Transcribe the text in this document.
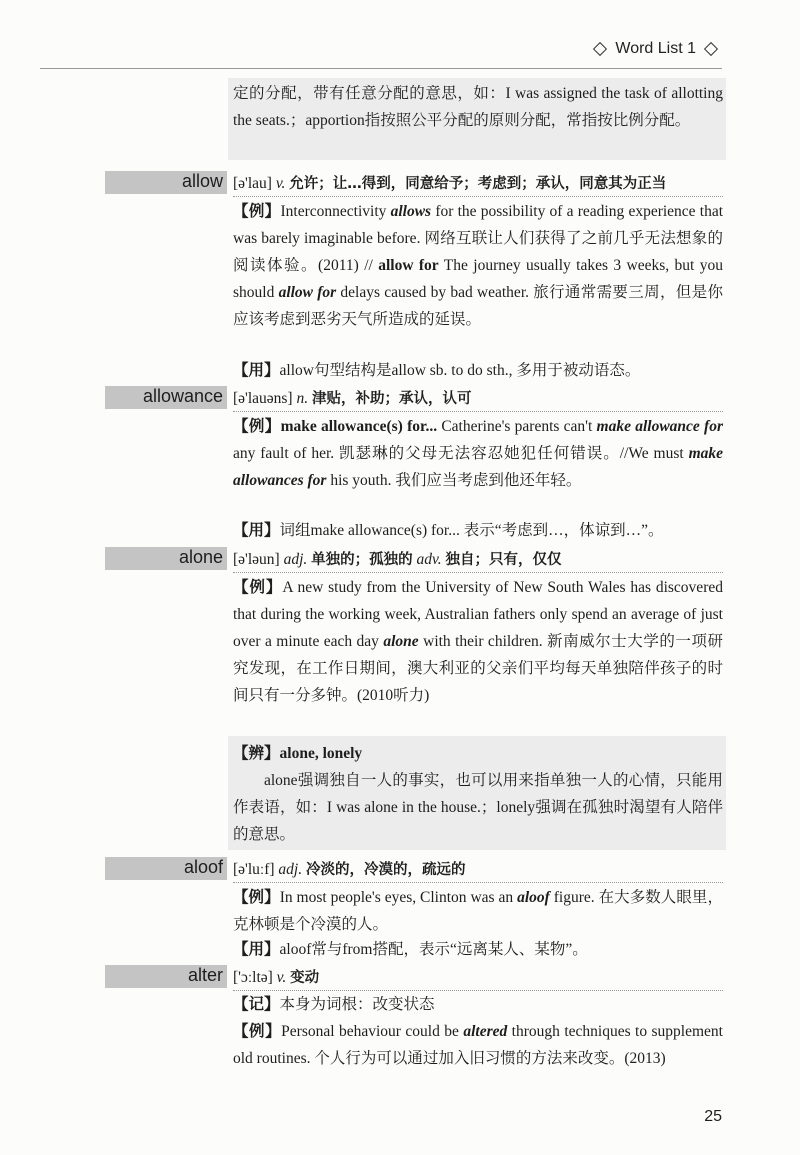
Word List 1

定的分配，带有任意分配的意思，如：I was assigned the task of allotting the seats.；apportion指按照公平分配的原则分配，常指按比例分配。

allow [ə'lau] v. 允许；让…得到，同意给予；考虑到；承认，同意其为正当

【例】Interconnectivity allows for the possibility of a reading experience that was barely imaginable before. 网络互联让人们获得了之前几乎无法想象的阅读体验。(2011) // allow for The journey usually takes 3 weeks, but you should allow for delays caused by bad weather. 旅行通常需要三周，但是你应该考虑到恶劣天气所造成的延误。

【用】allow句型结构是allow sb. to do sth., 多用于被动语态。

allowance [ə'lauəns] n. 津贴，补助；承认，认可

【例】make allowance(s) for... Catherine's parents can't make allowance for any fault of her. 凯瑟琳的父母无法容忍她犯任何错误。//We must make allowances for his youth. 我们应当考虑到他还年轻。

【用】词组make allowance(s) for... 表示“考虑到…，体谅到…”。

alone [ə'ləun] adj. 单独的；孤独的 adv. 独自；只有，仅仅

【例】A new study from the University of New South Wales has discovered that during the working week, Australian fathers only spend an average of just over a minute each day alone with their children. 新南威尔士大学的一项研究发现，在工作日期间，澳大利亚的父亲们平均每天单独陪伴孩子的时间只有一分多钟。(2010听力)

【辨】alone, lonely

alone强调独自一人的事实，也可以用来指单独一人的心情，只能用作表语，如：I was alone in the house.；lonely强调在孤独时渴望有人陪伴的意思。

aloof [ə'luːf] adj. 冷淡的，冷漠的，疏远的

【例】In most people's eyes, Clinton was an aloof figure. 在大多数人眼里，克林顿是个冷漠的人。

【用】aloof常与from搭配，表示“远离某人、某物”。

alter ['ɔːltə] v. 变动

【记】本身为词根：改变状态

【例】Personal behaviour could be altered through techniques to supplement old routines. 个人行为可以通过加入旧习惯的方法来改变。(2013)

25
